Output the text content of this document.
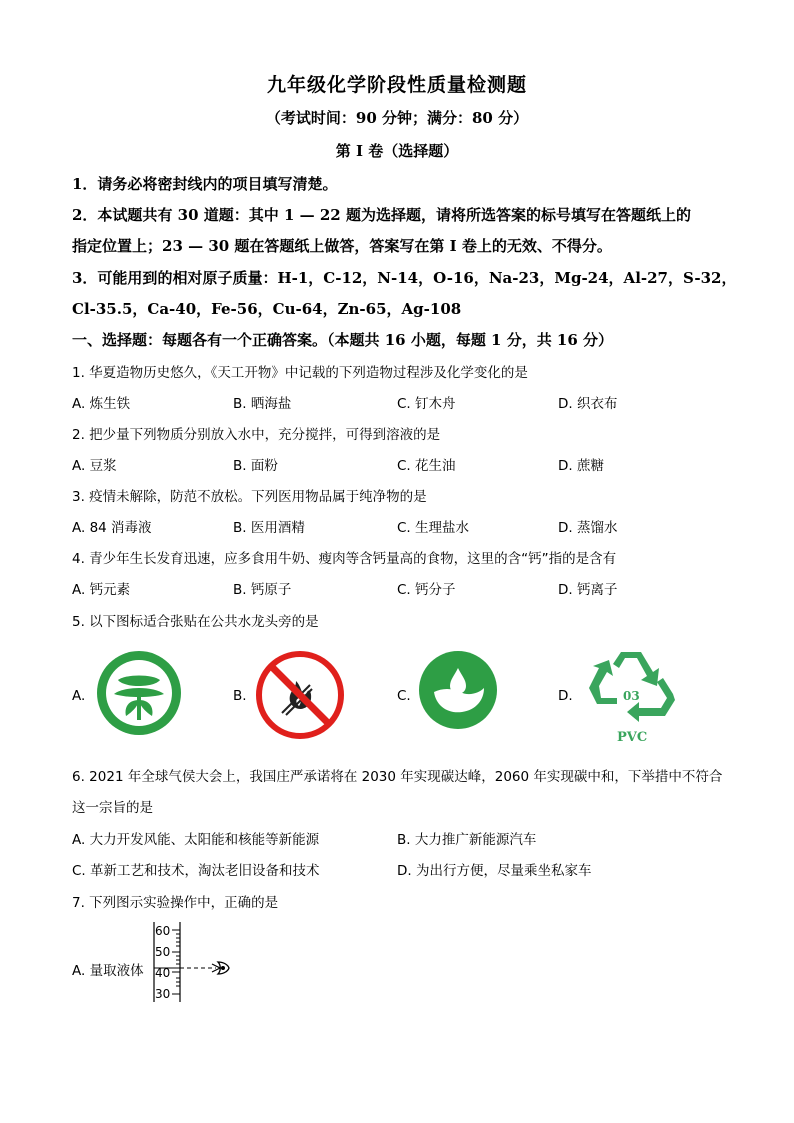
九年级化学阶段性质量检测题
（考试时间：90 分钟；满分：80 分）
第 I 卷（选择题）
1．请务必将密封线内的项目填写清楚。
2．本试题共有 30 道题：其中 1 — 22 题为选择题，请将所选答案的标号填写在答题纸上的
指定位置上；23 — 30 题在答题纸上做答，答案写在第 I 卷上的无效、不得分。
3．可能用到的相对原子质量：H-1，C-12，N-14，O-16，Na-23，Mg-24，Al-27，S-32，
Cl-35.5，Ca-40，Fe-56，Cu-64，Zn-65，Ag-108
一、选择题：每题各有一个正确答案。（本题共 16 小题，每题 1 分，共 16 分）
1. 华夏造物历史悠久，《天工开物》中记载的下列造物过程涉及化学变化的是
A. 炼生铁	B. 晒海盐	C. 钉木舟	D. 织衣布
2. 把少量下列物质分别放入水中，充分搅拌，可得到溶液的是
A. 豆浆	B. 面粉	C. 花生油	D. 蔗糖
3. 疫情未解除，防范不放松。下列医用物品属于纯净物的是
A. 84 消毒液	B. 医用酒精	C. 生理盐水	D. 蒸馏水
4. 青少年生长发育迅速，应多食用牛奶、瘦肉等含钙量高的食物，这里的含“钙”指的是含有
A. 钙元素	B. 钙原子	C. 钙分子	D. 钙离子
5. 以下图标适合张贴在公共水龙头旁的是
A.	B.	C.	D.	03
PVC
6. 2021 年全球气侯大会上，我国庄严承诺将在 2030 年实现碳达峰，2060 年实现碳中和，下举措中不符合
这一宗旨的是
A. 大力开发风能、太阳能和核能等新能源	B. 大力推广新能源汽车
C. 革新工艺和技术，淘汰老旧设备和技术	D. 为出行方便，尽量乘坐私家车
7. 下列图示实验操作中，正确的是
A. 量取液体
60
50
40
30
